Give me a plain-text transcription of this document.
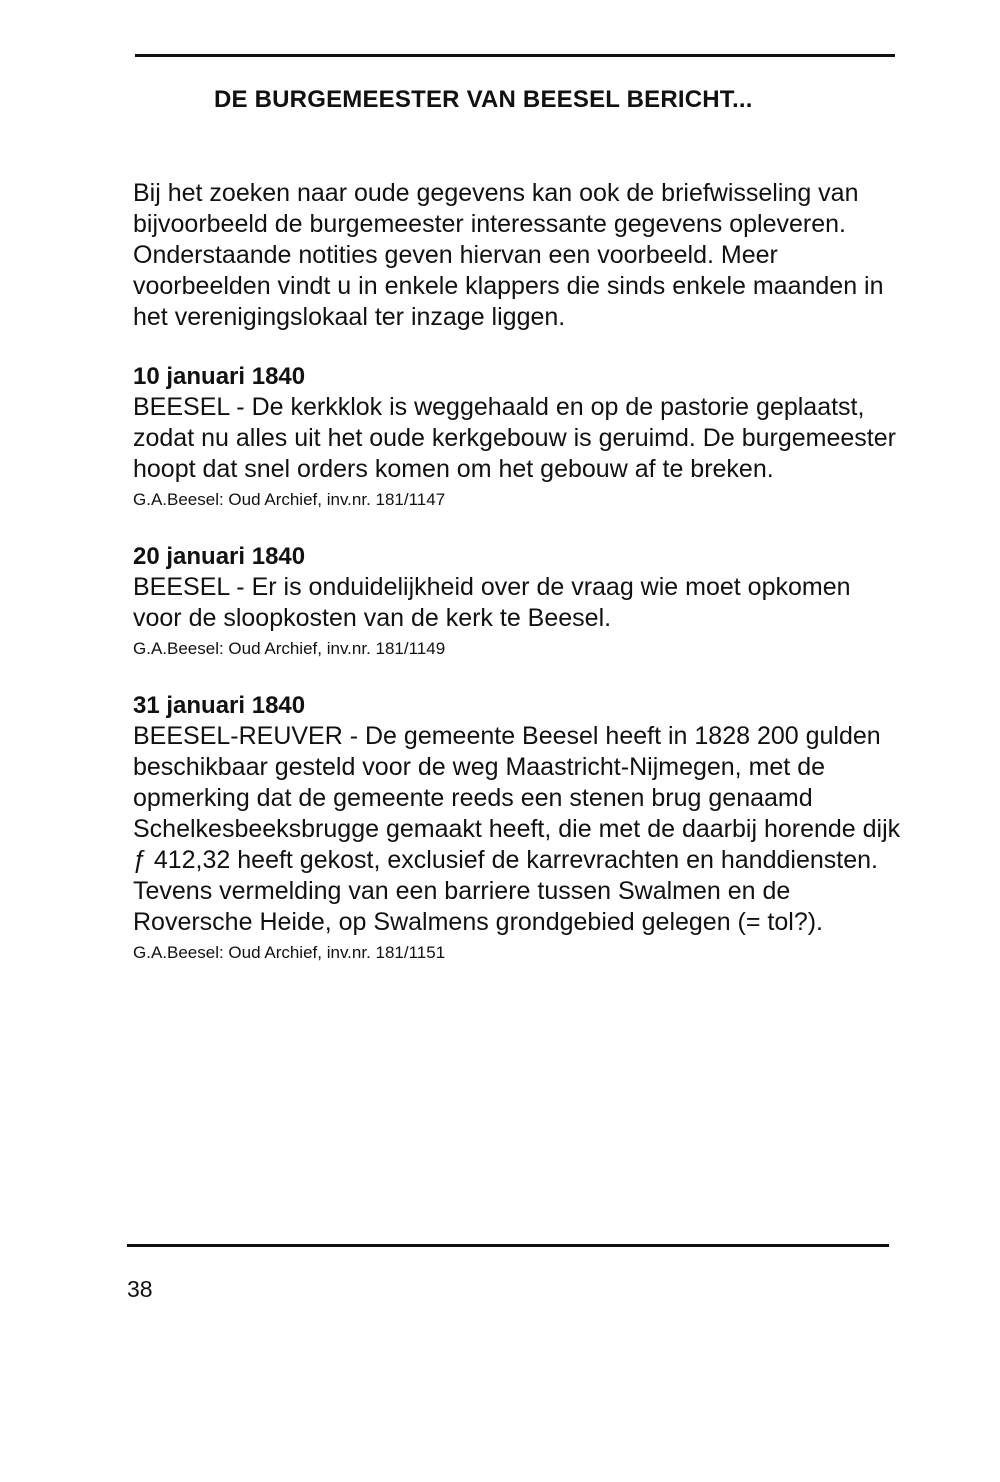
DE BURGEMEESTER VAN BEESEL BERICHT...

Bij het zoeken naar oude gegevens kan ook de briefwisseling van bijvoorbeeld de burgemeester interessante gegevens opleveren. Onderstaande notities geven hiervan een voorbeeld. Meer voorbeelden vindt u in enkele klappers die sinds enkele maanden in het verenigingslokaal ter inzage liggen.

10 januari 1840

BEESEL - De kerkklok is weggehaald en op de pastorie geplaatst, zodat nu alles uit het oude kerkgebouw is geruimd. De burgemeester hoopt dat snel orders komen om het gebouw af te breken.

G.A.Beesel: Oud Archief, inv.nr. 181/1147
20 januari 1840

BEESEL - Er is onduidelijkheid over de vraag wie moet opkomen voor de sloopkosten van de kerk te Beesel.

G.A.Beesel: Oud Archief, inv.nr. 181/1149
31 januari 1840

BEESEL-REUVER - De gemeente Beesel heeft in 1828 200 gulden beschikbaar gesteld voor de weg Maastricht-Nijmegen, met de opmerking dat de gemeente reeds een stenen brug genaamd Schelkesbeeksbrugge gemaakt heeft, die met de daarbij horende dijk ƒ 412,32 heeft gekost, exclusief de karrevrachten en handdiensten.

Tevens vermelding van een barriere tussen Swalmen en de Roversche Heide, op Swalmens grondgebied gelegen (= tol?).

G.A.Beesel: Oud Archief, inv.nr. 181/1151
38
